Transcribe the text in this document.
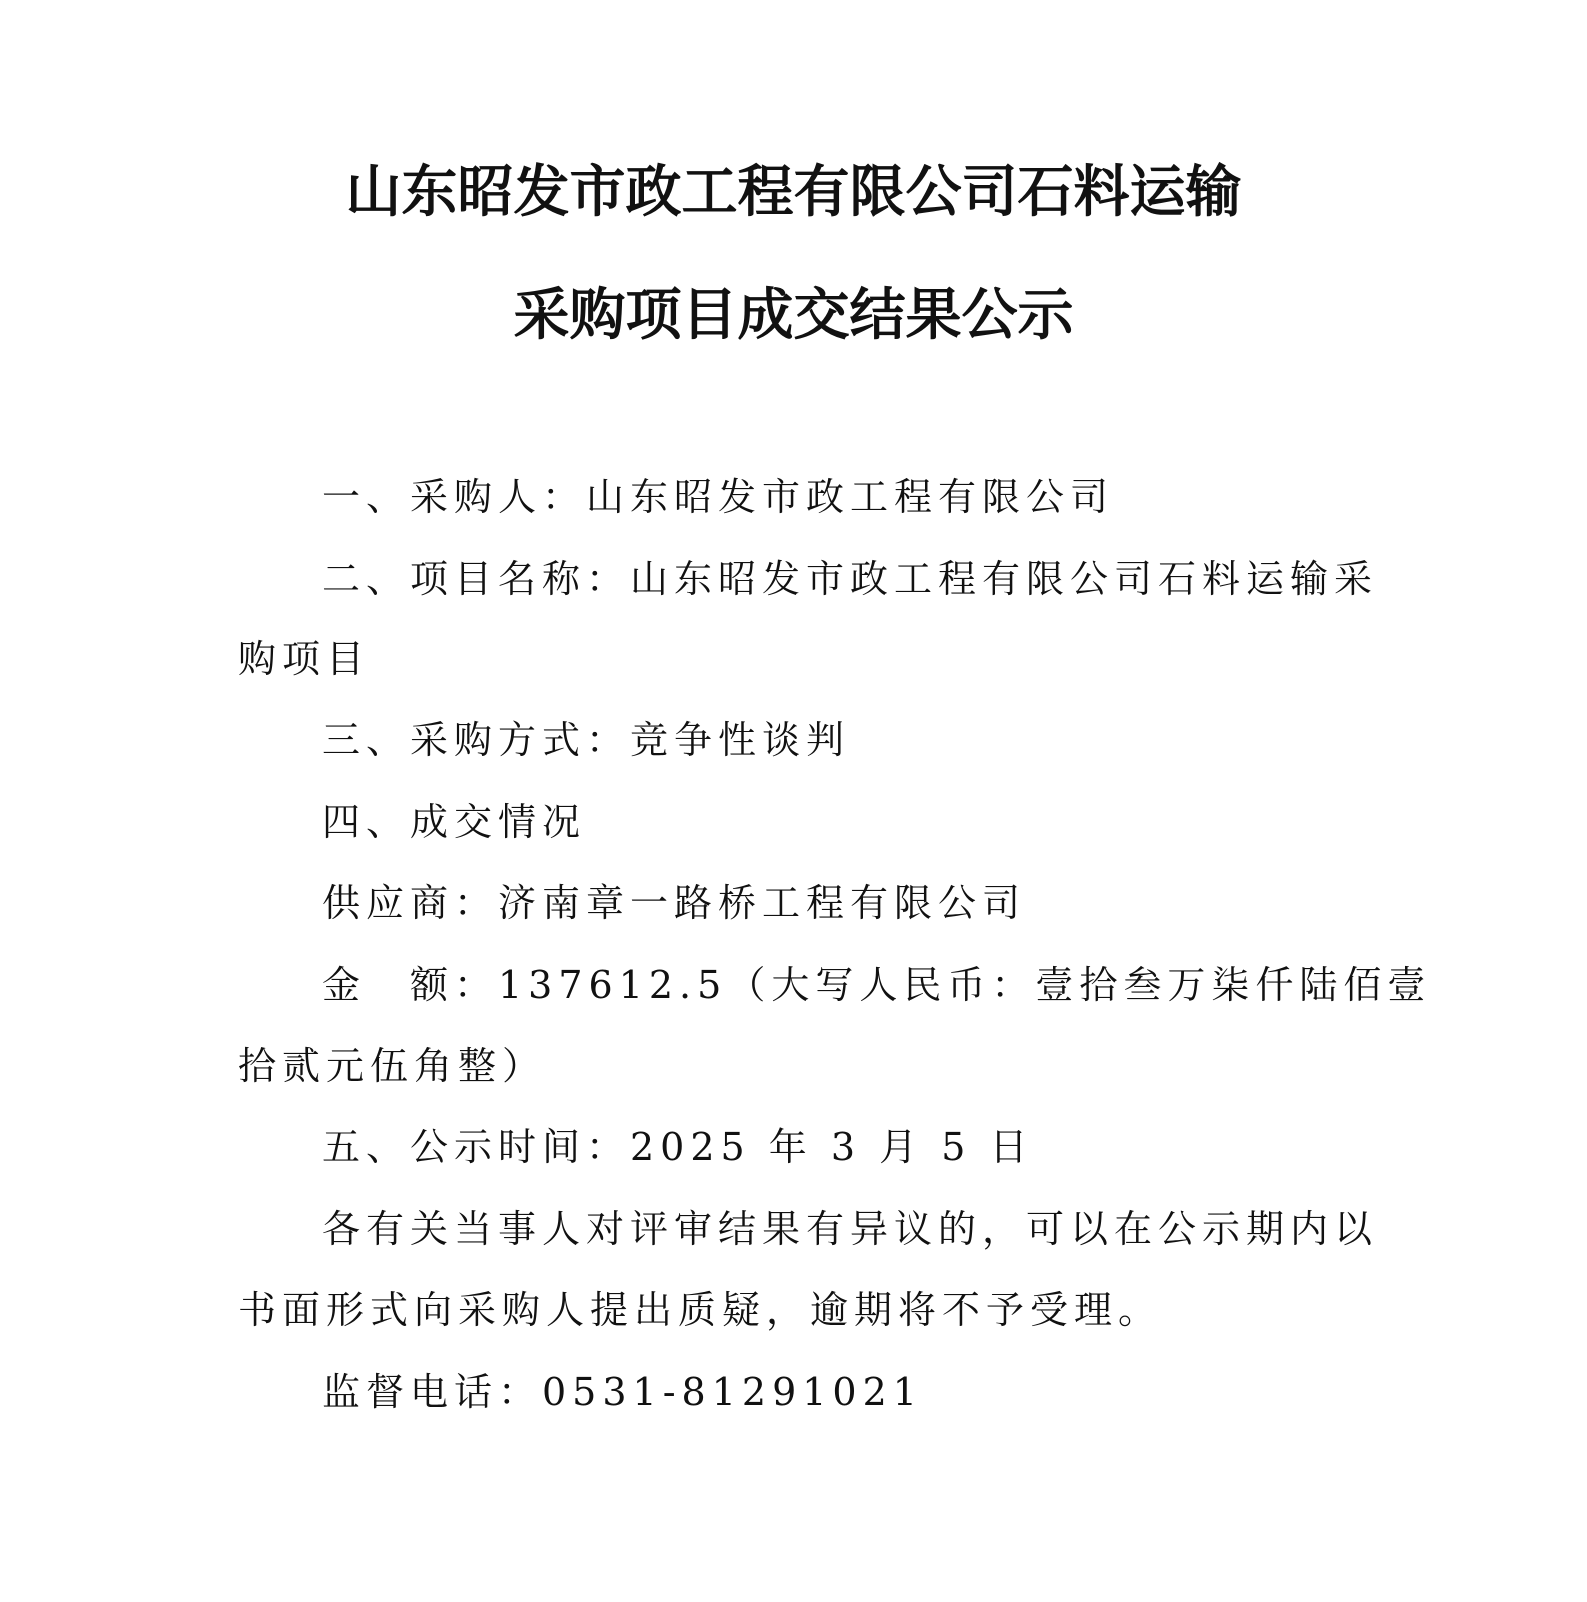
山东昭发市政工程有限公司石料运输
采购项目成交结果公示
一、采购人：山东昭发市政工程有限公司
二、项目名称：山东昭发市政工程有限公司石料运输采
购项目
三、采购方式：竞争性谈判
四、成交情况
供应商：济南章一路桥工程有限公司
金　额：137612.5（大写人民币：壹拾叁万柒仟陆佰壹
拾贰元伍角整）
五、公示时间：2025 年 3 月 5 日
各有关当事人对评审结果有异议的，可以在公示期内以
书面形式向采购人提出质疑，逾期将不予受理。
监督电话：0531-81291021
